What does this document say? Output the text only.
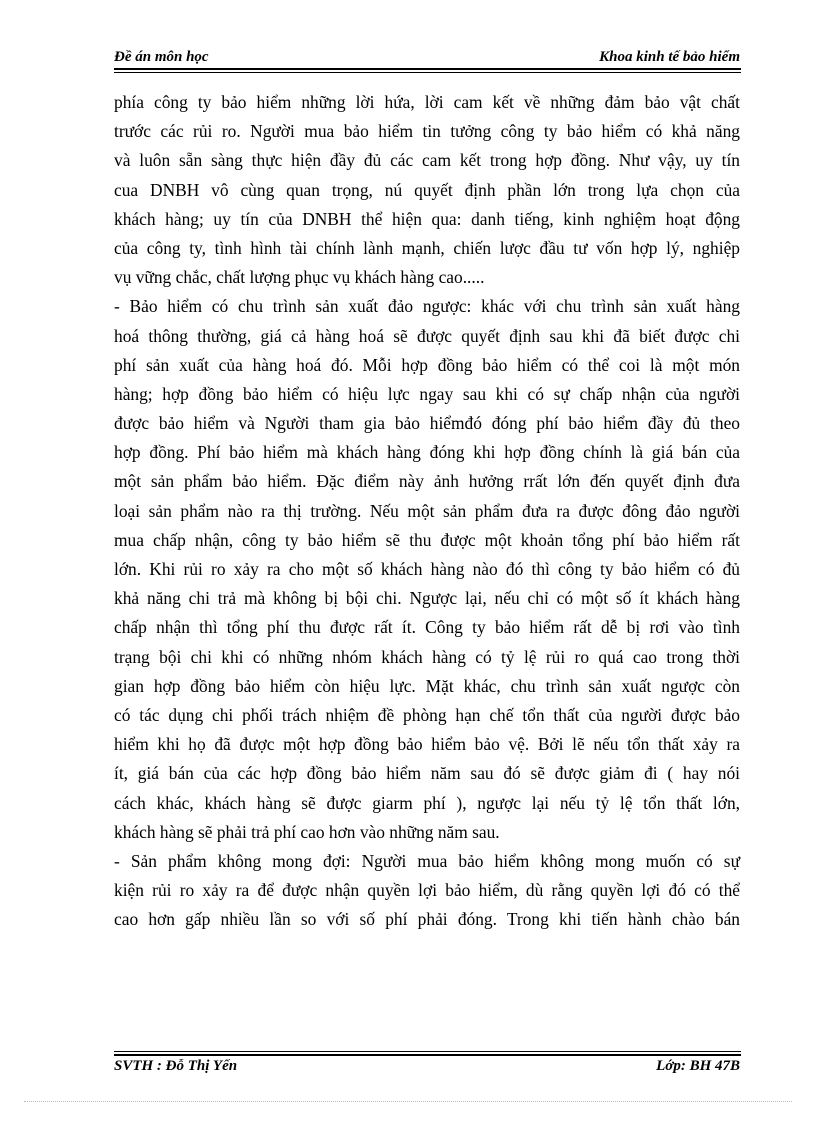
Đề án môn học	Khoa kinh tế bảo hiểm
phía công ty bảo hiểm những lời hứa, lời cam kết về những đảm bảo vật chất
trước các rủi ro. Người mua bảo hiểm tin tưởng công ty bảo hiểm có khả năng
và luôn sẵn sàng thực hiện đầy đủ các cam kết trong hợp đồng. Như vậy, uy tín
cua DNBH vô cùng quan trọng, nú quyết định phần lớn trong lựa chọn của
khách hàng; uy tín của DNBH thể hiện qua: danh tiếng, kinh nghiệm hoạt động
của công ty, tình hình tài chính lành mạnh, chiến lược đầu tư vốn hợp lý, nghiệp
vụ vững chắc, chất lượng phục vụ khách hàng cao.....
- Bảo hiểm có chu trình sản xuất đảo ngược: khác với chu trình sản xuất hàng
hoá thông thường, giá cả hàng hoá sẽ được quyết định sau khi đã biết được chi
phí sản xuất của hàng hoá đó. Mỗi hợp đồng bảo hiểm có thể coi là một món
hàng; hợp đồng bảo hiểm có hiệu lực ngay sau khi có sự chấp nhận của người
được bảo hiểm và Người tham gia bảo hiểmđó đóng phí bảo hiểm đầy đủ theo
hợp đồng. Phí bảo hiểm mà khách hàng đóng khi hợp đồng chính là giá bán của
một sản phẩm bảo hiểm. Đặc điểm này ảnh hưởng rrất lớn đến quyết định đưa
loại sản phẩm nào ra thị trường. Nếu một sản phẩm đưa ra được đông đảo người
mua chấp nhận, công ty bảo hiểm sẽ thu được một khoản tổng phí bảo hiểm rất
lớn. Khi rủi ro xảy ra cho một số khách hàng nào đó thì công ty bảo hiểm có đủ
khả năng chi trả mà không bị bội chi. Ngược lại, nếu chỉ có một số ít khách hàng
chấp nhận thì tổng phí thu được rất ít. Công ty bảo hiểm rất dễ bị rơi vào tình
trạng bội chi khi có những nhóm khách hàng có tỷ lệ rủi ro quá cao trong thời
gian hợp đồng bảo hiểm còn hiệu lực. Mặt khác, chu trình sản xuất ngược còn
có tác dụng chi phối trách nhiệm đề phòng hạn chế tổn thất của người được bảo
hiểm khi họ đã được một hợp đồng bảo hiểm bảo vệ. Bởi lẽ nếu tổn thất xảy ra
ít, giá bán của các hợp đồng bảo hiểm năm sau đó sẽ được giảm đi ( hay nói
cách khác, khách hàng sẽ được giarm phí ), ngược lại nếu tỷ lệ tổn thất lớn,
khách hàng sẽ phải trả phí cao hơn vào những năm sau.
- Sản phẩm không mong đợi: Người mua bảo hiểm không mong muốn có sự
kiện rủi ro xảy ra để được nhận quyền lợi bảo hiểm, dù rằng quyền lợi đó có thể
cao hơn gấp nhiều lần so với số phí phải đóng. Trong khi tiến hành chào bán
SVTH : Đỗ Thị Yến	Lớp: BH 47B
